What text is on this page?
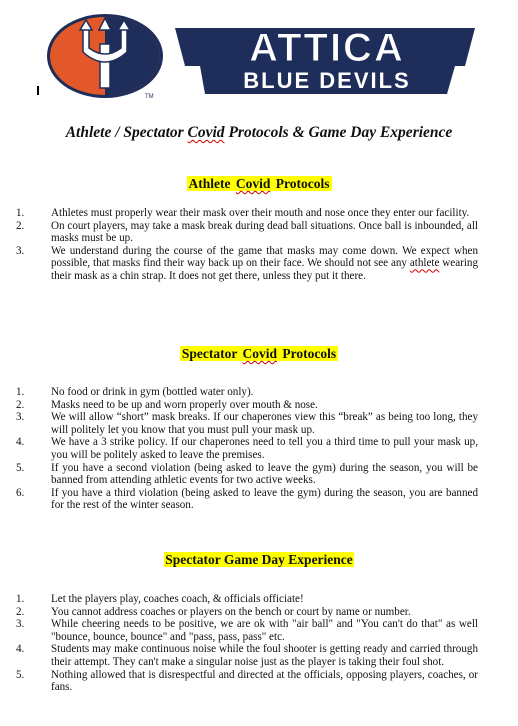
ATTICA
BLUE DEVILS
TM
Athlete / Spectator Covid Protocols & Game Day Experience
Athlete Covid Protocols
1. Athletes must properly wear their mask over their mouth and nose once they enter our facility.
2. On court players, may take a mask break during dead ball situations. Once ball is inbounded, all masks must be up.
3. We understand during the course of the game that masks may come down. We expect when possible, that masks find their way back up on their face. We should not see any athlete wearing their mask as a chin strap. It does not get there, unless they put it there.
Spectator Covid Protocols
1. No food or drink in gym (bottled water only).
2. Masks need to be up and worn properly over mouth & nose.
3. We will allow “short” mask breaks. If our chaperones view this “break” as being too long, they will politely let you know that you must pull your mask up.
4. We have a 3 strike policy. If our chaperones need to tell you a third time to pull your mask up, you will be politely asked to leave the premises.
5. If you have a second violation (being asked to leave the gym) during the season, you will be banned from attending athletic events for two active weeks.
6. If you have a third violation (being asked to leave the gym) during the season, you are banned for the rest of the winter season.
Spectator Game Day Experience
1. Let the players play, coaches coach, & officials officiate!
2. You cannot address coaches or players on the bench or court by name or number.
3. While cheering needs to be positive, we are ok with "air ball" and "You can't do that" as well "bounce, bounce, bounce" and "pass, pass, pass" etc.
4. Students may make continuous noise while the foul shooter is getting ready and carried through their attempt. They can't make a singular noise just as the player is taking their foul shot.
5. Nothing allowed that is disrespectful and directed at the officials, opposing players, coaches, or fans.
